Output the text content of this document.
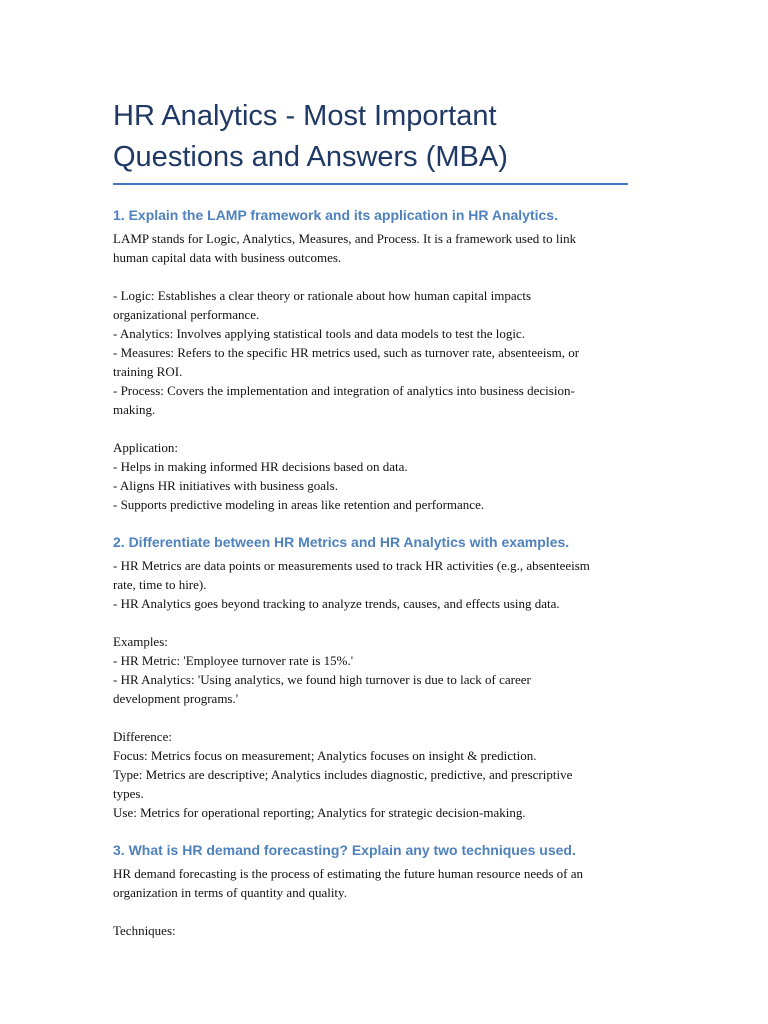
HR Analytics - Most Important
Questions and Answers (MBA)
1. Explain the LAMP framework and its application in HR Analytics.

LAMP stands for Logic, Analytics, Measures, and Process. It is a framework used to link
human capital data with business outcomes.

- Logic: Establishes a clear theory or rationale about how human capital impacts
organizational performance.
- Analytics: Involves applying statistical tools and data models to test the logic.
- Measures: Refers to the specific HR metrics used, such as turnover rate, absenteeism, or
training ROI.
- Process: Covers the implementation and integration of analytics into business decision-
making.

Application:
- Helps in making informed HR decisions based on data.
- Aligns HR initiatives with business goals.
- Supports predictive modeling in areas like retention and performance.

2. Differentiate between HR Metrics and HR Analytics with examples.

- HR Metrics are data points or measurements used to track HR activities (e.g., absenteeism
rate, time to hire).
- HR Analytics goes beyond tracking to analyze trends, causes, and effects using data.

Examples:
- HR Metric: 'Employee turnover rate is 15%.'
- HR Analytics: 'Using analytics, we found high turnover is due to lack of career
development programs.'

Difference:
Focus: Metrics focus on measurement; Analytics focuses on insight & prediction.
Type: Metrics are descriptive; Analytics includes diagnostic, predictive, and prescriptive
types.
Use: Metrics for operational reporting; Analytics for strategic decision-making.

3. What is HR demand forecasting? Explain any two techniques used.

HR demand forecasting is the process of estimating the future human resource needs of an
organization in terms of quantity and quality.

Techniques:
